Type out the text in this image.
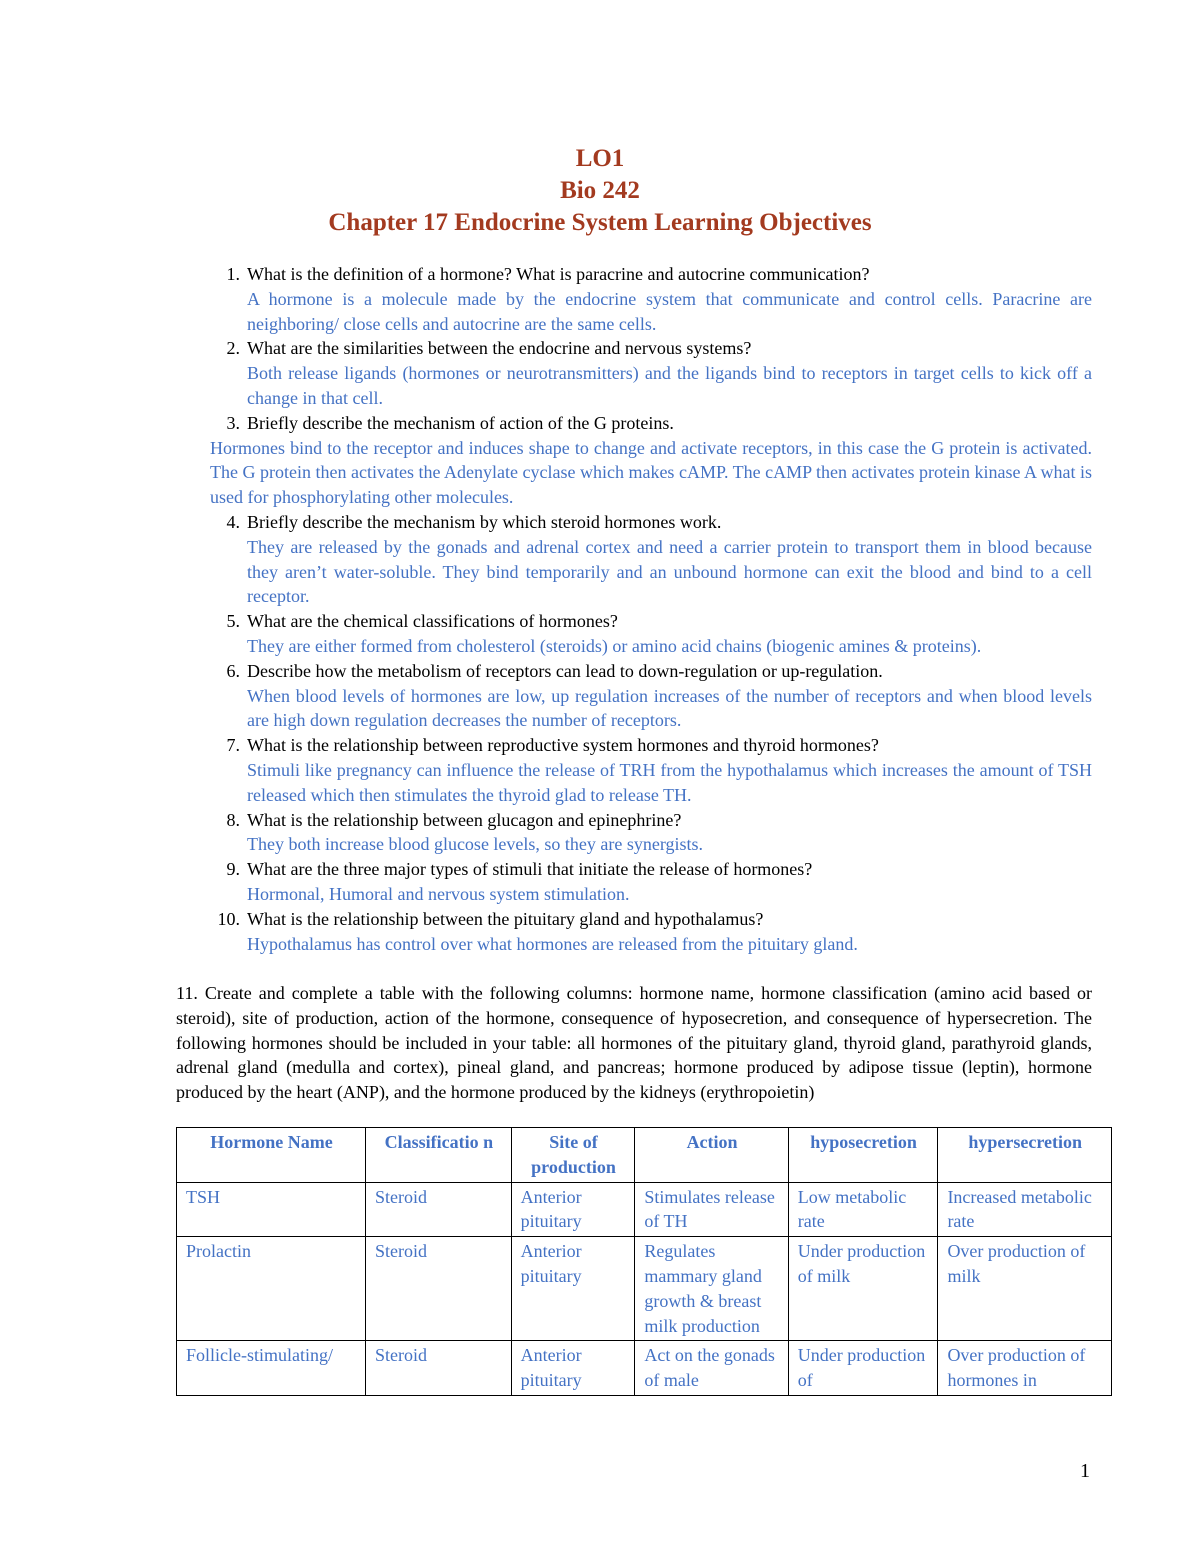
LO1
Bio 242
Chapter 17 Endocrine System Learning Objectives
1. What is the definition of a hormone? What is paracrine and autocrine communication?
A hormone is a molecule made by the endocrine system that communicate and control cells. Paracrine are neighboring/ close cells and autocrine are the same cells.
2. What are the similarities between the endocrine and nervous systems?
Both release ligands (hormones or neurotransmitters) and the ligands bind to receptors in target cells to kick off a change in that cell.
3. Briefly describe the mechanism of action of the G proteins.
Hormones bind to the receptor and induces shape to change and activate receptors, in this case the G protein is activated. The G protein then activates the Adenylate cyclase which makes cAMP. The cAMP then activates protein kinase A what is used for phosphorylating other molecules.
4. Briefly describe the mechanism by which steroid hormones work.
They are released by the gonads and adrenal cortex and need a carrier protein to transport them in blood because they aren’t water-soluble. They bind temporarily and an unbound hormone can exit the blood and bind to a cell receptor.
5. What are the chemical classifications of hormones?
They are either formed from cholesterol (steroids) or amino acid chains (biogenic amines & proteins).
6. Describe how the metabolism of receptors can lead to down-regulation or up-regulation.
When blood levels of hormones are low, up regulation increases of the number of receptors and when blood levels are high down regulation decreases the number of receptors.
7. What is the relationship between reproductive system hormones and thyroid hormones?
Stimuli like pregnancy can influence the release of TRH from the hypothalamus which increases the amount of TSH released which then stimulates the thyroid glad to release TH.
8. What is the relationship between glucagon and epinephrine?
They both increase blood glucose levels, so they are synergists.
9. What are the three major types of stimuli that initiate the release of hormones?
Hormonal, Humoral and nervous system stimulation.
10. What is the relationship between the pituitary gland and hypothalamus?
Hypothalamus has control over what hormones are released from the pituitary gland.
11. Create and complete a table with the following columns: hormone name, hormone classification (amino acid based or steroid), site of production, action of the hormone, consequence of hyposecretion, and consequence of hypersecretion. The following hormones should be included in your table: all hormones of the pituitary gland, thyroid gland, parathyroid glands, adrenal gland (medulla and cortex), pineal gland, and pancreas; hormone produced by adipose tissue (leptin), hormone produced by the heart (ANP), and the hormone produced by the kidneys (erythropoietin)
Hormone Name	Classificatio n	Site of production	Action	hyposecretion	hypersecretion
TSH	Steroid	Anterior pituitary	Stimulates release of TH	Low metabolic rate	Increased metabolic rate
Prolactin	Steroid	Anterior pituitary	Regulates mammary gland growth & breast milk production	Under production of milk	Over production of milk
Follicle-stimulating/	Steroid	Anterior pituitary	Act on the gonads of male	Under production of	Over production of hormones in
1
